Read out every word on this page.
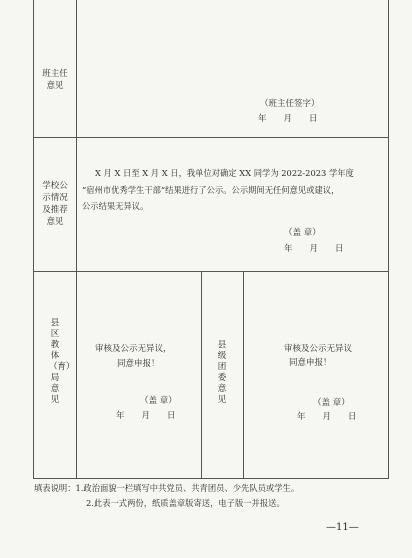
班主任
意见
（班主任签字）
年　　月　　日
学校公
示情况
及推荐
意见
X 月 X 日至 X 月 X 日，我单位对确定 XX 同学为 2022-2023 学年度
“宿州市优秀学生干部”结果进行了公示。公示期间无任何意见或建议，
公示结果无异议。
（盖 章）
年　　月　　日
县区教体（育）局意见
审核及公示无异议，
同意申报！
（盖 章）
年　　月　　日
县级团委意见
审核及公示无异议
同意申报！
（盖 章）
年　　月　　日
填表说明：1.政治面貌一栏填写中共党员、共青团员、少先队员或学生。
2.此表一式两份，纸质盖章版寄送，电子版一并报送。
—11—
